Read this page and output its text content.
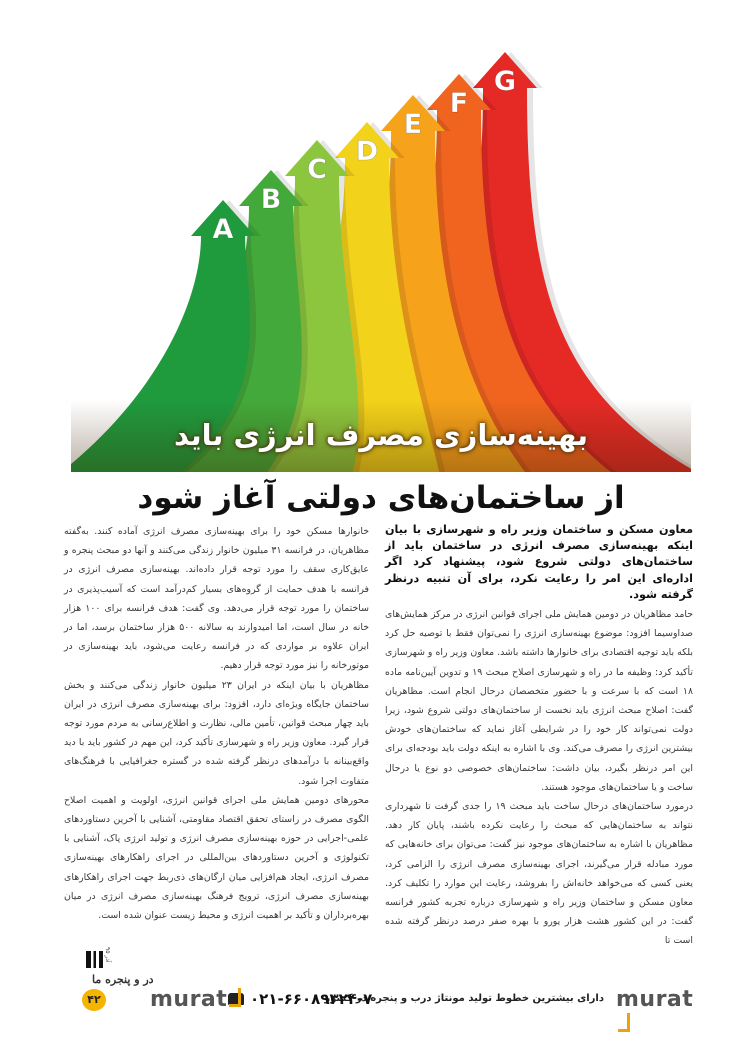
G
F
E
D
C
B
A
بهینه‌سازی مصرف انرژی باید
از ساختمان‌های دولتی آغاز شود
معاون مسکن و ساختمان وزیر راه و شهرسازی با بیان اینکه بهینه‌سازی مصرف انرژی در ساختمان باید از ساختمان‌های دولتی شروع شود، پیشنهاد کرد اگر اداره‌ای این امر را رعایت نکرد، برای آن تنبیه درنظر گرفته شود.

حامد مظاهریان در دومین همایش ملی اجرای قوانین انرژی در مرکز همایش‌های صداوسیما افزود: موضوع بهینه‌سازی انرژی را نمی‌توان فقط با توصیه حل کرد بلکه باید توجیه اقتصادی برای خانوارها داشته باشد. معاون وزیر راه و شهرسازی تأکید کرد: وظیفه ما در راه و شهرسازی اصلاح مبحث ۱۹ و تدوین آیین‌نامه ماده ۱۸ است که با سرعت و با حضور متخصصان درحال انجام است. مظاهریان گفت: اصلاح مبحث انرژی باید نخست از ساختمان‌های دولتی شروع شود، زیرا دولت نمی‌تواند کار خود را در شرایطی آغاز نماید که ساختمان‌های خودش بیشترین انرژی را مصرف می‌کند. وی با اشاره به اینکه دولت باید بودجه‌ای برای این امر درنظر بگیرد، بیان داشت: ساختمان‌های خصوصی دو نوع یا درحال ساخت و یا ساختمان‌های موجود هستند.

درمورد ساختمان‌های درحال ساخت باید مبحث ۱۹ را جدی گرفت تا شهرداری نتواند به ساختمان‌هایی که مبحث را رعایت نکرده باشند، پایان کار دهد. مظاهریان با اشاره به ساختمان‌های موجود نیز گفت: می‌توان برای خانه‌هایی که مورد مبادله قرار می‌گیرند، اجرای بهینه‌سازی مصرف انرژی را الزامی کرد، یعنی کسی که می‌خواهد خانه‌اش را بفروشد، رعایت این موارد را تکلیف کرد. معاون مسکن و ساختمان وزیر راه و شهرسازی درباره تجربه کشور فرانسه گفت: در این کشور هشت هزار یورو با بهره صفر درصد درنظر گرفته شده است تا

خانوارها مسکن خود را برای بهینه‌سازی مصرف انرژی آماده کنند. به‌گفته مظاهریان، در فرانسه ۳۱ میلیون خانوار زندگی می‌کنند و آنها دو مبحث پنجره و عایق‌کاری سقف را مورد توجه قرار داده‌اند. بهینه‌سازی مصرف انرژی در فرانسه با هدف حمایت از گروه‌های بسیار کم‌درآمد است که آسیب‌پذیری در ساختمان را مورد توجه قرار می‌دهد. وی گفت: هدف فرانسه برای ۱۰۰ هزار خانه در سال است، اما امیدوارند به سالانه ۵۰۰ هزار ساختمان برسد، اما در ایران علاوه بر مواردی که در فرانسه رعایت می‌شود، باید بهینه‌سازی در موتورخانه را نیز مورد توجه قرار دهیم.

مظاهریان با بیان اینکه در ایران ۲۳ میلیون خانوار زندگی می‌کنند و بخش ساختمان جایگاه ویژه‌ای دارد، افزود: برای بهینه‌سازی مصرف انرژی در ایران باید چهار مبحث قوانین، تأمین مالی، نظارت و اطلاع‌رسانی به مردم مورد توجه قرار گیرد. معاون وزیر راه و شهرسازی تأکید کرد، این مهم در کشور باید با دید واقع‌بینانه با درآمدهای درنظر گرفته شده در گستره جغرافیایی با فرهنگ‌های متفاوت اجرا شود.

محورهای دومین همایش ملی اجرای قوانین انرژی، اولویت و اهمیت اصلاح الگوی مصرف در راستای تحقق اقتصاد مقاومتی، آشنایی با آخرین دستاوردهای علمی-اجرایی در حوزه بهینه‌سازی مصرف انرژی و تولید انرژی پاک، آشنایی با تکنولوژی و آخرین دستاوردهای بین‌المللی در اجرای راهکارهای بهینه‌سازی مصرف انرژی، ایجاد هم‌افزایی میان ارگان‌های ذی‌ربط جهت اجرای راهکارهای بهینه‌سازی مصرف انرژی، ترویج فرهنگ بهینه‌سازی مصرف انرژی در میان بهره‌برداران و تأکید بر اهمیت انرژی و محیط زیست عنوان شده است.

murat
دارای بیشترین خطوط تولید مونتاژ درب و پنجره در کشور
۰۲۱-۶۶۰۸۹۳۲۴-۷
murat
در و پنجره ما
۴۲
آذر ۹۵
